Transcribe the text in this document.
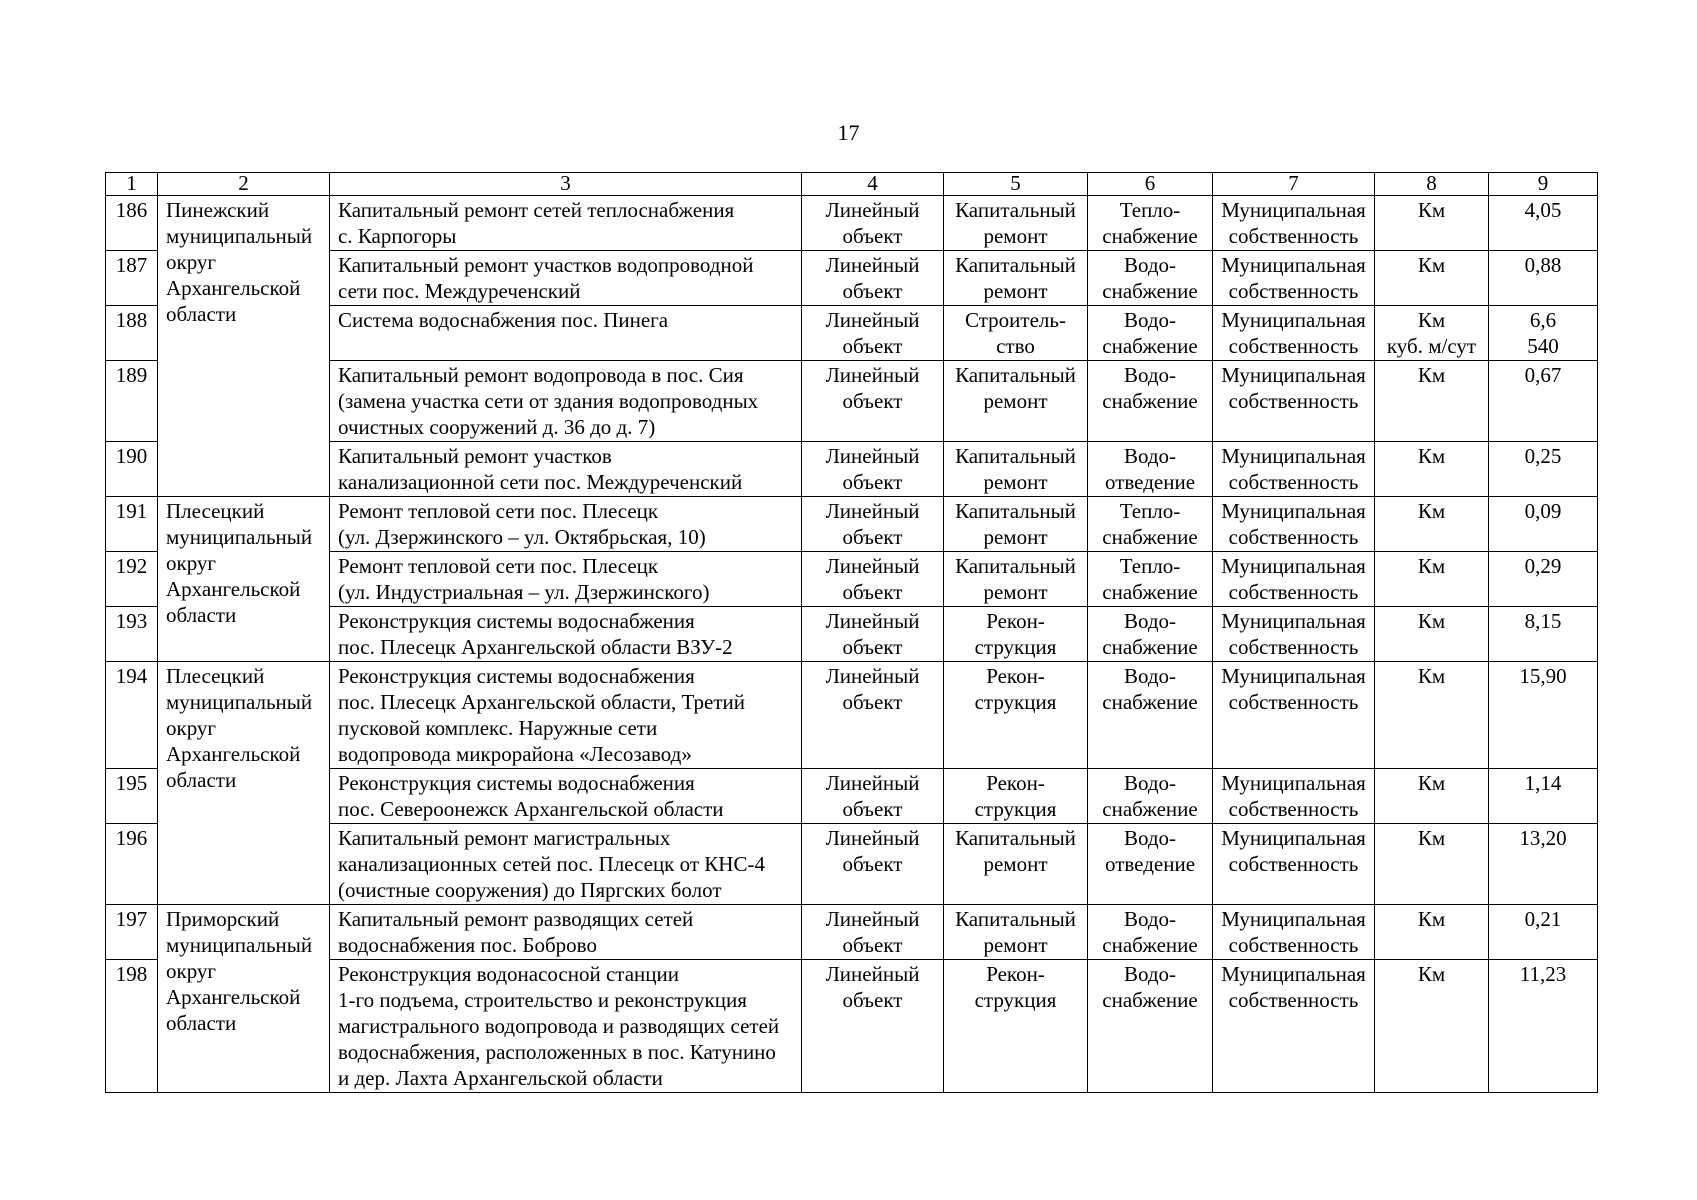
17
1	2	3	4	5	6	7	8	9
186	Пинежский
муниципальный
округ
Архангельской
области	Капитальный ремонт сетей теплоснабжения
с. Карпогоры	Линейный
объект	Капитальный
ремонт	Тепло-
снабжение	Муниципальная
собственность	Км	4,05

187		Капитальный ремонт участков водопроводной
сети пос. Междуреченский	Линейный
объект	Капитальный
ремонт	Водо-
снабжение	Муниципальная
собственность	Км	0,88

188		Система водоснабжения пос. Пинега	Линейный
объект	Строитель-
ство	Водо-
снабжение	Муниципальная
собственность	Км
куб. м/сут	6,6
540

189		Капитальный ремонт водопровода в пос. Сия
(замена участка сети от здания водопроводных
очистных сооружений д. 36 до д. 7)	Линейный
объект	Капитальный
ремонт	Водо-
снабжение	Муниципальная
собственность	Км	0,67

190		Капитальный ремонт участков
канализационной сети пос. Междуреченский	Линейный
объект	Капитальный
ремонт	Водо-
отведение	Муниципальная
собственность	Км	0,25

191	Плесецкий
муниципальный
округ
Архангельской
области	Ремонт тепловой сети пос. Плесецк
(ул. Дзержинского – ул. Октябрьская, 10)	Линейный
объект	Капитальный
ремонт	Тепло-
снабжение	Муниципальная
собственность	Км	0,09

192		Ремонт тепловой сети пос. Плесецк
(ул. Индустриальная – ул. Дзержинского)	Линейный
объект	Капитальный
ремонт	Тепло-
снабжение	Муниципальная
собственность	Км	0,29

193		Реконструкция системы водоснабжения
пос. Плесецк Архангельской области ВЗУ-2	Линейный
объект	Рекон-
струкция	Водо-
снабжение	Муниципальная
собственность	Км	8,15

194	Плесецкий
муниципальный
округ
Архангельской
области	Реконструкция системы водоснабжения
пос. Плесецк Архангельской области, Третий
пусковой комплекс. Наружные сети
водопровода микрорайона «Лесозавод»	Линейный
объект	Рекон-
струкция	Водо-
снабжение	Муниципальная
собственность	Км	15,90

195		Реконструкция системы водоснабжения
пос. Североонежск Архангельской области	Линейный
объект	Рекон-
струкция	Водо-
снабжение	Муниципальная
собственность	Км	1,14

196		Капитальный ремонт магистральных
канализационных сетей пос. Плесецк от КНС-4
(очистные сооружения) до Пяргских болот	Линейный
объект	Капитальный
ремонт	Водо-
отведение	Муниципальная
собственность	Км	13,20

197	Приморский
муниципальный
округ
Архангельской
области	Капитальный ремонт разводящих сетей
водоснабжения пос. Боброво	Линейный
объект	Капитальный
ремонт	Водо-
снабжение	Муниципальная
собственность	Км	0,21

198		Реконструкция водонасосной станции
1-го подъема, строительство и реконструкция
магистрального водопровода и разводящих сетей
водоснабжения, расположенных в пос. Катунино
и дер. Лахта Архангельской области	Линейный
объект	Рекон-
струкция	Водо-
снабжение	Муниципальная
собственность	Км	11,23
